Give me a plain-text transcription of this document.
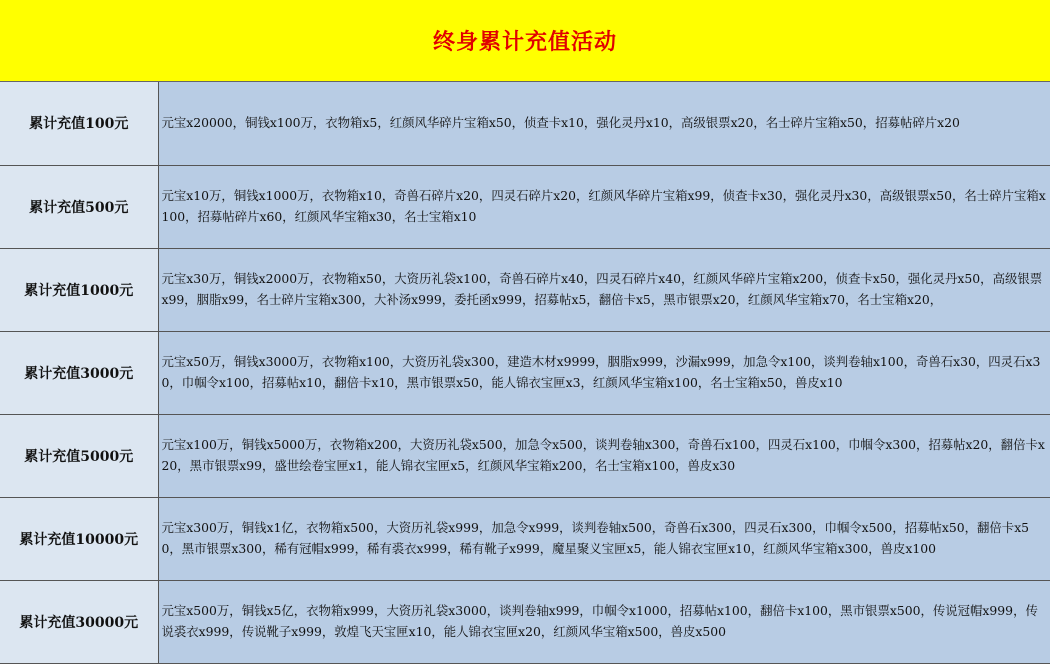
终身累计充值活动
累计充值100元	元宝x20000，铜钱x100万，衣物箱x5，红颜风华碎片宝箱x50，侦查卡x10，强化灵丹x10，高级银票x20，名士碎片宝箱x50，招募帖碎片x20
累计充值500元	元宝x10万，铜钱x1000万，衣物箱x10，奇兽石碎片x20，四灵石碎片x20，红颜风华碎片宝箱x99，侦查卡x30，强化灵丹x30，高级银票x50，名士碎片宝箱x100，招募帖碎片x60，红颜风华宝箱x30，名士宝箱x10
累计充值1000元	元宝x30万，铜钱x2000万，衣物箱x50，大资历礼袋x100，奇兽石碎片x40，四灵石碎片x40，红颜风华碎片宝箱x200，侦查卡x50，强化灵丹x50，高级银票x99，胭脂x99，名士碎片宝箱x300，大补汤x999，委托函x999，招募帖x5，翻倍卡x5，黑市银票x20，红颜风华宝箱x70，名士宝箱x20，
累计充值3000元	元宝x50万，铜钱x3000万，衣物箱x100，大资历礼袋x300，建造木材x9999，胭脂x999，沙漏x999，加急令x100，谈判卷轴x100，奇兽石x30，四灵石x30，巾帼令x100，招募帖x10，翻倍卡x10，黑市银票x50，能人锦衣宝匣x3，红颜风华宝箱x100，名士宝箱x50，兽皮x10
累计充值5000元	元宝x100万，铜钱x5000万，衣物箱x200，大资历礼袋x500，加急令x500，谈判卷轴x300，奇兽石x100，四灵石x100，巾帼令x300，招募帖x20，翻倍卡x20，黑市银票x99，盛世绘卷宝匣x1，能人锦衣宝匣x5，红颜风华宝箱x200，名士宝箱x100，兽皮x30
累计充值10000元	元宝x300万，铜钱x1亿，衣物箱x500，大资历礼袋x999，加急令x999，谈判卷轴x500，奇兽石x300，四灵石x300，巾帼令x500，招募帖x50，翻倍卡x50，黑市银票x300，稀有冠帽x999，稀有裘衣x999，稀有靴子x999，魔星聚义宝匣x5，能人锦衣宝匣x10，红颜风华宝箱x300，兽皮x100
累计充值30000元	元宝x500万，铜钱x5亿，衣物箱x999，大资历礼袋x3000，谈判卷轴x999，巾帼令x1000，招募帖x100，翻倍卡x100，黑市银票x500，传说冠帽x999，传说裘衣x999，传说靴子x999，敦煌飞天宝匣x10，能人锦衣宝匣x20，红颜风华宝箱x500，兽皮x500
